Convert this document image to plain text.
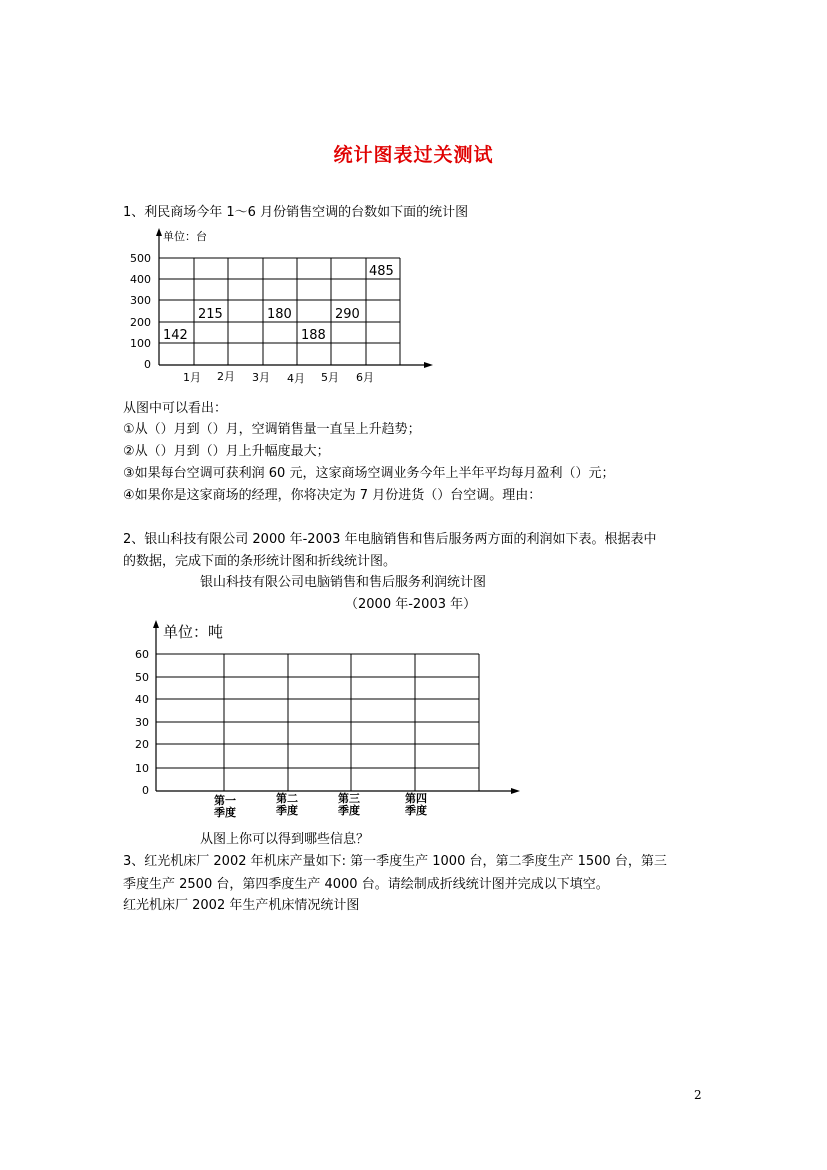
统计图表过关测试
1、利民商场今年 1～6 月份销售空调的台数如下面的统计图
单位：台
500
400
300
200
100
0
1月 2月 3月 4月 5月 6月
142
215	180
188
290
485
从图中可以看出：
①从（）月到（）月，空调销售量一直呈上升趋势；
②从（）月到（）月上升幅度最大；
③如果每台空调可获利润 60 元，这家商场空调业务今年上半年平均每月盈利（）元；
④如果你是这家商场的经理，你将决定为 7 月份进货（）台空调。理由：
2、银山科技有限公司 2000 年-2003 年电脑销售和售后服务两方面的利润如下表。根据表中
的数据，完成下面的条形统计图和折线统计图。
银山科技有限公司电脑销售和售后服务利润统计图
（2000 年-2003 年）
单位：吨
60
50
40
30
20
10
0
第一
季度
第二
季度
第三
季度
第四
季度
从图上你可以得到哪些信息？
3、红光机床厂 2002 年机床产量如下: 第一季度生产 1000 台，第二季度生产 1500 台，第三
季度生产 2500 台，第四季度生产 4000 台。请绘制成折线统计图并完成以下填空。
红光机床厂 2002 年生产机床情况统计图
2
